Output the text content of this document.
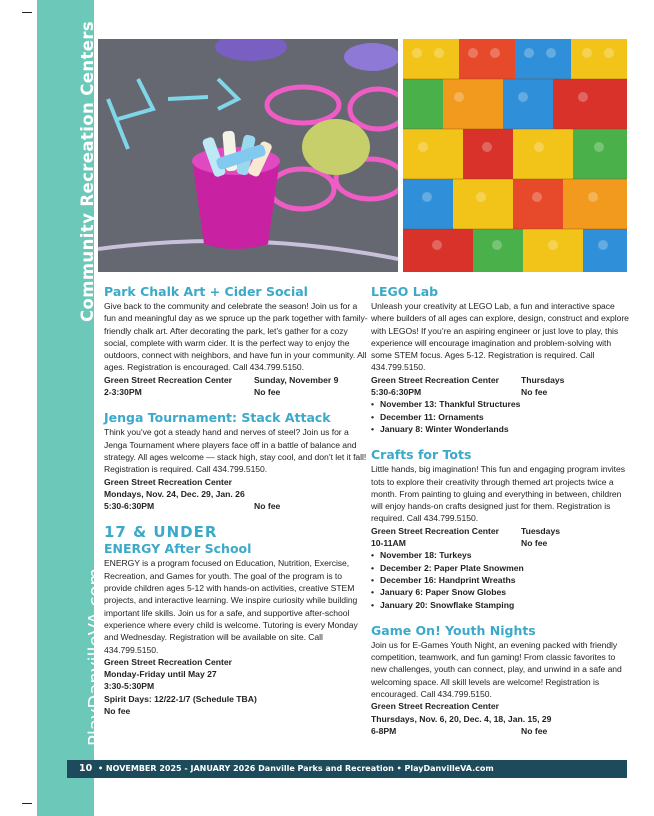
Community Recreation Centers
PlayDanvilleVA.com
Park Chalk Art + Cider Social

Give back to the community and celebrate the season! Join us for a fun and meaningful day as we spruce up the park together with family-friendly chalk art. After decorating the park, let’s gather for a cozy social, complete with warm cider. It is the perfect way to enjoy the outdoors, connect with neighbors, and have fun in your community. All ages. Registration is encouraged. Call 434.799.5150.

Green Street Recreation Center	Sunday, November 9
2-3:30PM	No fee
Jenga Tournament: Stack Attack

Think you’ve got a steady hand and nerves of steel? Join us for a Jenga Tournament where players face off in a battle of balance and strategy. All ages welcome — stack high, stay cool, and don’t let it fall! Registration is required. Call 434.799.5150.

Green Street Recreation Center
Mondays, Nov. 24, Dec. 29, Jan. 26
5:30-6:30PM	No fee
17 & UNDER
ENERGY After School

ENERGY is a program focused on Education, Nutrition, Exercise, Recreation, and Games for youth. The goal of the program is to provide children ages 5-12 with hands-on activities, creative STEM projects, and interactive learning. We inspire curiosity while building important life skills. Join us for a safe, and supportive after-school experience where every child is welcome. Tutoring is every Monday and Wednesday. Registration will be available on site. Call 434.799.5150.

Green Street Recreation Center
Monday-Friday until May 27
3:30-5:30PM
Spirit Days: 12/22-1/7 (Schedule TBA)
No fee
LEGO Lab

Unleash your creativity at LEGO Lab, a fun and interactive space where builders of all ages can explore, design, construct and explore with LEGOs! If you’re an aspiring engineer or just love to play, this experience will encourage imagination and problem-solving with some STEM focus. Ages 5-12. Registration is required. Call 434.799.5150.

Green Street Recreation Center	Thursdays
5:30-6:30PM	No fee
• November 13: Thankful Structures
• December 11: Ornaments
• January 8: Winter Wonderlands
Crafts for Tots

Little hands, big imagination! This fun and engaging program invites tots to explore their creativity through themed art projects twice a month. From painting to gluing and everything in between, children will enjoy hands-on crafts designed just for them. Registration is required. Call 434.799.5150.

Green Street Recreation Center	Tuesdays
10-11AM	No fee
• November 18: Turkeys
• December 2: Paper Plate Snowmen
• December 16: Handprint Wreaths
• January 6: Paper Snow Globes
• January 20: Snowflake Stamping
Game On! Youth Nights

Join us for E-Games Youth Night, an evening packed with friendly competition, teamwork, and fun gaming! From classic favorites to new challenges, youth can connect, play, and unwind in a safe and welcoming space. All skill levels are welcome! Registration is encouraged. Call 434.799.5150.

Green Street Recreation Center
Thursdays, Nov. 6, 20, Dec. 4, 18, Jan. 15, 29
6-8PM	No fee
10 • NOVEMBER 2025 - JANUARY 2026 Danville Parks and Recreation • PlayDanvilleVA.com
